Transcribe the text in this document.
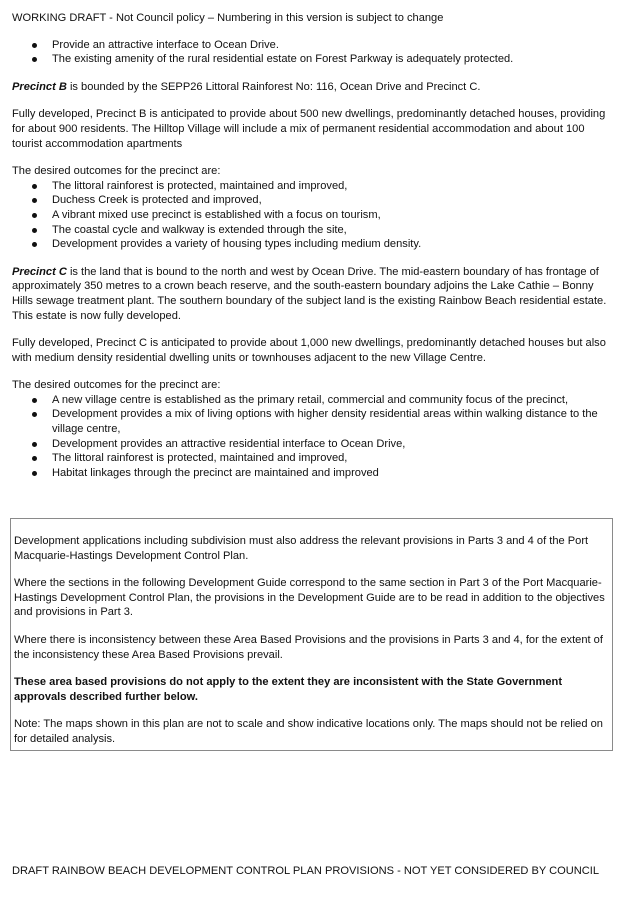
WORKING DRAFT - Not Council policy – Numbering in this version is subject to change

Provide an attractive interface to Ocean Drive.
The existing amenity of the rural residential estate on Forest Parkway is adequately protected.

Precinct B is bounded by the SEPP26 Littoral Rainforest No: 116, Ocean Drive and Precinct C.

Fully developed, Precinct B is anticipated to provide about 500 new dwellings, predominantly detached houses, providing for about 900 residents. The Hilltop Village will include a mix of permanent residential accommodation and about 100 tourist accommodation apartments

The desired outcomes for the precinct are:

The littoral rainforest is protected, maintained and improved,
Duchess Creek is protected and improved,
A vibrant mixed use precinct is established with a focus on tourism,
The coastal cycle and walkway is extended through the site,
Development provides a variety of housing types including medium density.

Precinct C is the land that is bound to the north and west by Ocean Drive. The mid-eastern boundary of has frontage of approximately 350 metres to a crown beach reserve, and the south-eastern boundary adjoins the Lake Cathie – Bonny Hills sewage treatment plant. The southern boundary of the subject land is the existing Rainbow Beach residential estate. This estate is now fully developed.

Fully developed, Precinct C is anticipated to provide about 1,000 new dwellings, predominantly detached houses but also with medium density residential dwelling units or townhouses adjacent to the new Village Centre.

The desired outcomes for the precinct are:

A new village centre is established as the primary retail, commercial and community focus of the precinct,
Development provides a mix of living options with higher density residential areas within walking distance to the village centre,
Development provides an attractive residential interface to Ocean Drive,
The littoral rainforest is protected, maintained and improved,
Habitat linkages through the precinct are maintained and improved

Development applications including subdivision must also address the relevant provisions in Parts 3 and 4 of the Port Macquarie-Hastings Development Control Plan.

Where the sections in the following Development Guide correspond to the same section in Part 3 of the Port Macquarie-Hastings Development Control Plan, the provisions in the Development Guide are to be read in addition to the objectives and provisions in Part 3.

Where there is inconsistency between these Area Based Provisions and the provisions in Parts 3 and 4, for the extent of the inconsistency these Area Based Provisions prevail.

These area based provisions do not apply to the extent they are inconsistent with the State Government approvals described further below.

Note: The maps shown in this plan are not to scale and show indicative locations only. The maps should not be relied on for detailed analysis.

DRAFT RAINBOW BEACH DEVELOPMENT CONTROL PLAN PROVISIONS - NOT YET CONSIDERED BY COUNCIL
